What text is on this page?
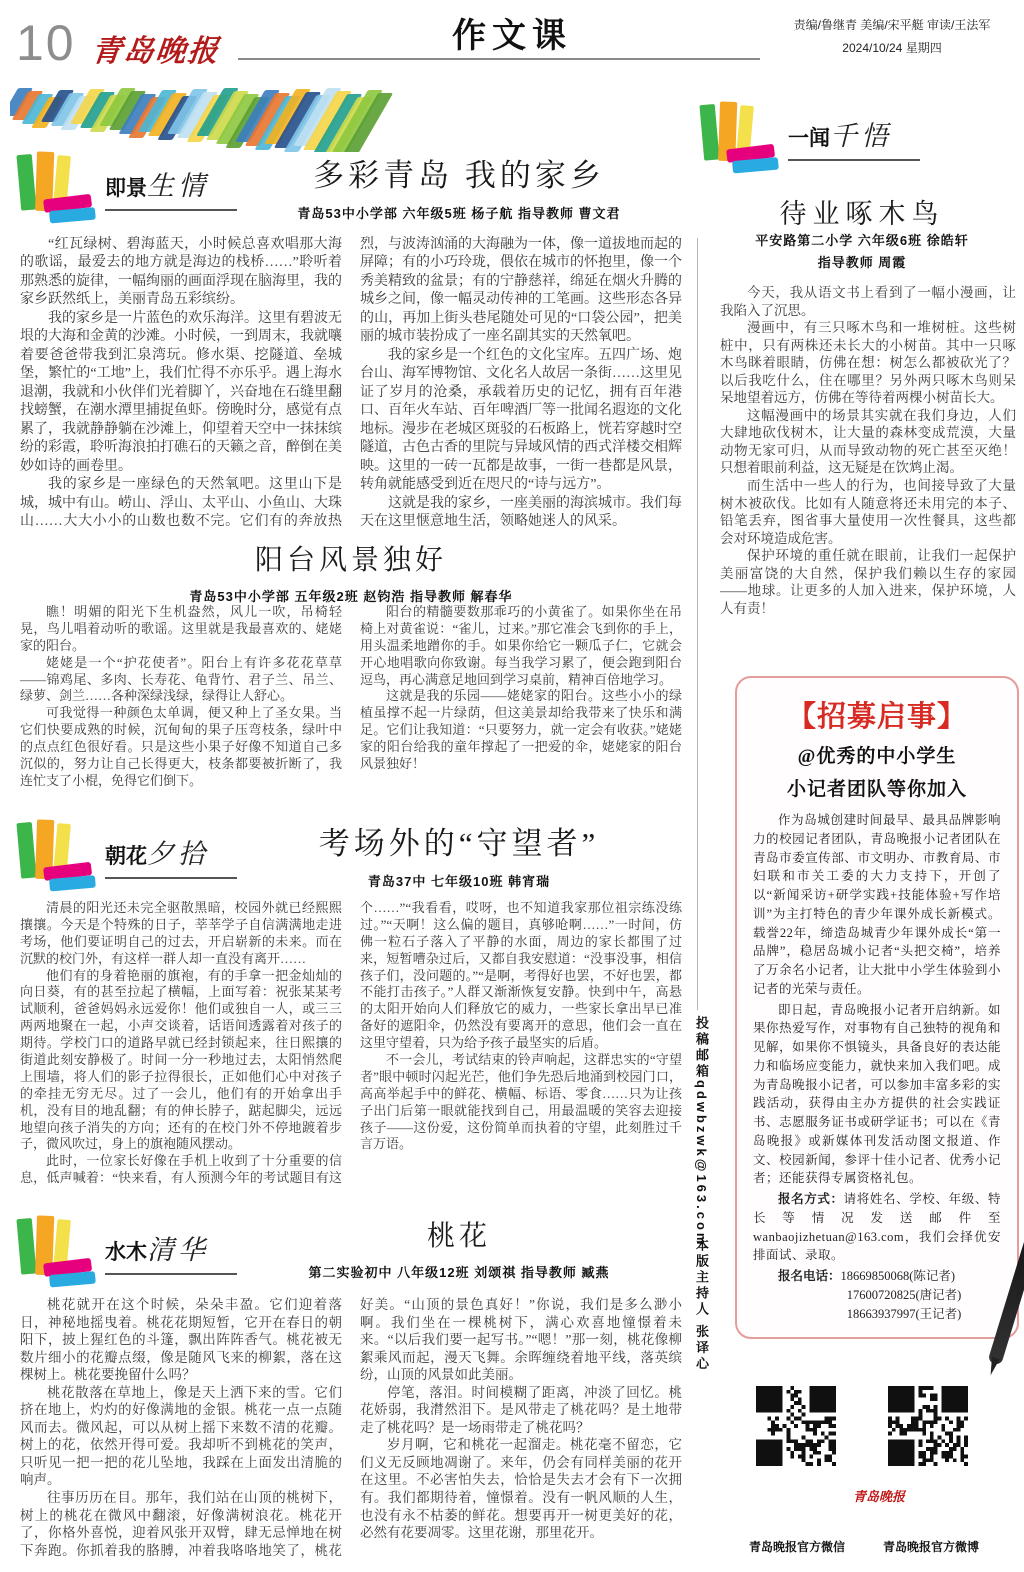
10 青岛晚报	作文课	责编/鲁继青 美编/宋平艇 审读/王法军
2024/10/24 星期四
即景生情	多彩青岛 我的家乡
青岛53中小学部 六年级5班 杨子航 指导教师 曹文君

“红瓦绿树、碧海蓝天，小时候总喜欢唱那大海的歌谣，最爱去的地方就是海边的栈桥……”聆听着那熟悉的旋律，一幅绚丽的画面浮现在脑海里，我的家乡跃然纸上，美丽青岛五彩缤纷。

我的家乡是一片蓝色的欢乐海洋。这里有碧波无垠的大海和金黄的沙滩。小时候，一到周末，我就嚷着要爸爸带我到汇泉湾玩。修水渠、挖隧道、垒城堡，繁忙的“工地”上，我们忙得不亦乐乎。遇上海水退潮，我就和小伙伴们光着脚丫，兴奋地在石缝里翻找螃蟹，在潮水潭里捕捉鱼虾。傍晚时分，感觉有点累了，我就静静躺在沙滩上，仰望着天空中一抹抹缤纷的彩霞，聆听海浪拍打礁石的天籁之音，醉倒在美妙如诗的画卷里。

我的家乡是一座绿色的天然氧吧。这里山下是城，城中有山。崂山、浮山、太平山、小鱼山、大珠山……大大小小的山数也数不完。它们有的奔放热烈，与波涛汹涌的大海融为一体，像一道拔地而起的屏障；有的小巧玲珑，偎依在城市的怀抱里，像一个秀美精致的盆景；有的宁静慈祥，绵延在烟火升腾的城乡之间，像一幅灵动传神的工笔画。这些形态各异的山，再加上街头巷尾随处可见的“口袋公园”，把美丽的城市装扮成了一座名副其实的天然氧吧。

我的家乡是一个红色的文化宝库。五四广场、炮台山、海军博物馆、文化名人故居一条街……这里见证了岁月的沧桑，承载着历史的记忆，拥有百年港口、百年火车站、百年啤酒厂等一批闻名遐迩的文化地标。漫步在老城区斑驳的石板路上，恍若穿越时空隧道，古色古香的里院与异域风情的西式洋楼交相辉映。这里的一砖一瓦都是故事，一街一巷都是风景，转角就能感受到近在咫尺的“诗与远方”。

这就是我的家乡，一座美丽的海滨城市。我们每天在这里惬意地生活，领略她迷人的风采。

阳台风景独好
青岛53中小学部 五年级2班 赵钧浩 指导教师 解春华

瞧！明媚的阳光下生机盎然，风儿一吹，吊椅轻晃，鸟儿唱着动听的歌谣。这里就是我最喜欢的、姥姥家的阳台。

姥姥是一个“护花使者”。阳台上有许多花花草草——锦鸡尾、多肉、长寿花、龟背竹、君子兰、吊兰、绿萝、剑兰……各种深绿浅绿，绿得让人舒心。

可我觉得一种颜色太单调，便又种上了圣女果。当它们快要成熟的时候，沉甸甸的果子压弯枝条，绿叶中的点点红色很好看。只是这些小果子好像不知道自己多沉似的，努力让自己长得更大，枝条都要被折断了，我连忙支了小棍，免得它们倒下。

阳台的精髓要数那乖巧的小黄雀了。如果你坐在吊椅上对黄雀说：“雀儿，过来。”那它准会飞到你的手上，用头温柔地蹭你的手。如果你给它一颗瓜子仁，它就会开心地唱歌向你致谢。每当我学习累了，便会跑到阳台逗鸟，再心满意足地回到学习桌前，精神百倍地学习。

这就是我的乐园——姥姥家的阳台。这些小小的绿植虽撑不起一片绿荫，但这美景却给我带来了快乐和满足。它们让我知道：“只要努力，就一定会有收获。”姥姥家的阳台给我的童年撑起了一把爱的伞，姥姥家的阳台风景独好！

朝花夕拾	考场外的“守望者”
青岛37中 七年级10班 韩宵瑞

清晨的阳光还未完全驱散黑暗，校园外就已经熙熙攘攘。今天是个特殊的日子，莘莘学子自信满满地走进考场，他们要证明自己的过去，开启崭新的未来。而在沉默的校门外，有这样一群人却一直没有离开……

他们有的身着艳丽的旗袍，有的手拿一把金灿灿的向日葵，有的甚至拉起了横幅，上面写着：祝张某某考试顺利，爸爸妈妈永远爱你！他们或独自一人，或三三两两地聚在一起，小声交谈着，话语间透露着对孩子的期待。学校门口的道路早就已经封锁起来，往日熙攘的街道此刻安静极了。时间一分一秒地过去，太阳悄然爬上围墙，将人们的影子拉得很长，正如他们心中对孩子的牵挂无穷无尽。过了一会儿，他们有的开始拿出手机，没有目的地乱翻；有的伸长脖子，踮起脚尖，远远地望向孩子消失的方向；还有的在校门外不停地踱着步子，微风吹过，身上的旗袍随风摆动。

此时，一位家长好像在手机上收到了十分重要的信息，低声喊着：“快来看，有人预测今年的考试题目有这个……”“我看看，哎呀，也不知道我家那位祖宗练没练过。”“天啊！这么偏的题目，真够呛啊……”一时间，仿佛一粒石子落入了平静的水面，周边的家长都围了过来，短暂嘈杂过后，又都自我安慰道：“没事没事，相信孩子们，没问题的。”“是啊，考得好也罢，不好也罢，都不能打击孩子。”人群又渐渐恢复安静。快到中午，高悬的太阳开始向人们释放它的威力，一些家长拿出早已准备好的遮阳伞，仍然没有要离开的意思，他们会一直在这里守望着，只为给予孩子最坚实的后盾。

不一会儿，考试结束的铃声响起，这群忠实的“守望者”眼中顿时闪起光芒，他们争先恐后地涌到校园门口，高高举起手中的鲜花、横幅、标语、零食……只为让孩子出门后第一眼就能找到自己，用最温暖的笑容去迎接孩子——这份爱，这份简单而执着的守望，此刻胜过千言万语。

水木清华	桃花
第二实验初中 八年级12班 刘颂祺 指导教师 臧燕

桃花就开在这个时候，朵朵丰盈。它们迎着落日，神秘地摇曳着。桃花花期短暂，它开在春日的朝阳下，披上猩红色的斗篷，飘出阵阵香气。桃花被无数片细小的花瓣点缀，像是随风飞来的柳絮，落在这棵树上。桃花要挽留什么吗？

桃花散落在草地上，像是天上洒下来的雪。它们挤在地上，灼灼的好像满地的金银。桃花一点一点随风而去。微风起，可以从树上摇下来数不清的花瓣。树上的花，依然开得可爱。我却听不到桃花的笑声，只听见一把一把的花儿坠地，我踩在上面发出清脆的响声。

往事历历在目。那年，我们站在山顶的桃树下，树上的桃花在微风中翻滚，好像满树浪花。桃花开了，你格外喜悦，迎着风张开双臂，肆无忌惮地在树下奔跑。你抓着我的胳膊，冲着我咯咯地笑了，桃花好美。“山顶的景色真好！”你说，我们是多么渺小啊。我们坐在一棵桃树下，满心欢喜地憧憬着未来。“以后我们要一起写书。”“嗯！”那一刻，桃花像柳絮乘风而起，漫天飞舞。余晖缠绕着地平线，落英缤纷，山顶的风景如此美丽。

停笔，落泪。时间模糊了距离，冲淡了回忆。桃花娇弱，我潸然泪下。是风带走了桃花吗？是土地带走了桃花吗？是一场雨带走了桃花吗？

岁月啊，它和桃花一起溜走。桃花毫不留恋，它们义无反顾地凋谢了。来年，仍会有同样美丽的花开在这里。不必害怕失去，恰恰是失去才会有下一次拥有。我们都期待着，憧憬着。没有一帆风顺的人生，也没有永不枯萎的鲜花。想要再开一树更美好的花，必然有花要凋零。这里花谢，那里花开。

投稿邮箱qdwbzwk@163.com
本版主持人 张译心
一闻千悟
待业啄木鸟
平安路第二小学 六年级6班 徐皓轩
指导教师 周霞

今天，我从语文书上看到了一幅小漫画，让我陷入了沉思。

漫画中，有三只啄木鸟和一堆树桩。这些树桩中，只有两株还未长大的小树苗。其中一只啄木鸟眯着眼睛，仿佛在想：树怎么都被砍光了？以后我吃什么，住在哪里？另外两只啄木鸟则呆呆地望着远方，仿佛在等待着两棵小树苗长大。

这幅漫画中的场景其实就在我们身边，人们大肆地砍伐树木，让大量的森林变成荒漠，大量动物无家可归，从而导致动物的死亡甚至灭绝！只想着眼前利益，这无疑是在饮鸩止渴。

而生活中一些人的行为，也间接导致了大量树木被砍伐。比如有人随意将还未用完的本子、铅笔丢弃，图省事大量使用一次性餐具，这些都会对环境造成危害。

保护环境的重任就在眼前，让我们一起保护美丽富饶的大自然，保护我们赖以生存的家园——地球。让更多的人加入进来，保护环境，人人有责！

【招募启事】
@优秀的中小学生
小记者团队等你加入

作为岛城创建时间最早、最具品牌影响力的校园记者团队，青岛晚报小记者团队在青岛市委宣传部、市文明办、市教育局、市妇联和市关工委的大力支持下，开创了以“新闻采访+研学实践+技能体验+写作培训”为主打特色的青少年课外成长新模式。载誉22年，缔造岛城青少年课外成长“第一品牌”，稳居岛城小记者“头把交椅”，培养了万余名小记者，让大批中小学生体验到小记者的光荣与责任。

即日起，青岛晚报小记者开启纳新。如果你热爱写作，对事物有自己独特的视角和见解，如果你不惧镜头，具备良好的表达能力和临场应变能力，就快来加入我们吧。成为青岛晚报小记者，可以参加丰富多彩的实践活动，获得由主办方提供的社会实践证书、志愿服务证书或研学证书；可以在《青岛晚报》或新媒体刊发活动图文报道、作文、校园新闻，参评十佳小记者、优秀小记者；还能获得专属资格礼包。

报名方式：请将姓名、学校、年级、特长等情况发送邮件至wanbaojizhetuan@163.com，我们会择优安排面试、录取。

报名电话：18669850068(陈记者)

17600720825(唐记者)

18663937997(王记者)

青岛晚报
青岛晚报官方微信	青岛晚报官方微博
